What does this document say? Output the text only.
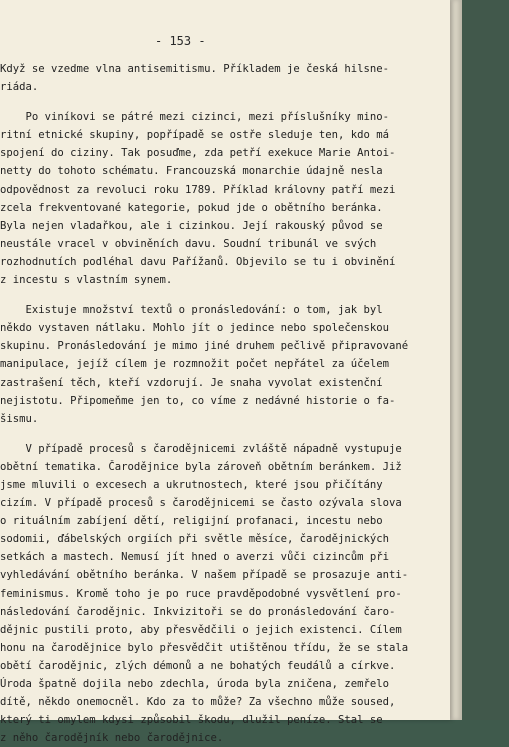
- 153 -
Když se vzedme vlna antisemitismu. Příkladem je česká hilsne-
riáda.
Po viníkovi se pátré mezi cizinci, mezi příslušníky mino-
ritní etnické skupiny, popřípadě se ostře sleduje ten, kdo má
spojení do ciziny. Tak posuďme, zda petří exekuce Marie Antoi-
netty do tohoto schématu. Francouzská monarchie údajně nesla
odpovědnost za revoluci roku 1789. Příklad královny patří mezi
zcela frekventované kategorie, pokud jde o obětního beránka.
Byla nejen vladařkou, ale i cizinkou. Její rakouský původ se
neustále vracel v obviněních davu. Soudní tribunál ve svých
rozhodnutích podléhal davu Pařížanů. Objevilo se tu i obvinění
z incestu s vlastním synem.
Existuje množství textů o pronásledování: o tom, jak byl
někdo vystaven nátlaku. Mohlo jít o jedince nebo společenskou
skupinu. Pronásledování je mimo jiné druhem pečlivě připravované
manipulace, jejíž cílem je rozmnožit počet nepřátel za účelem
zastrašení těch, kteří vzdorují. Je snaha vyvolat existenční
nejistotu. Připomeňme jen to, co víme z nedávné historie o fa-
šismu.
V případě procesů s čarodějnicemi zvláště nápadně vystupuje
obětní tematika. Čarodějnice byla zároveň obětním beránkem. Již
jsme mluvili o excesech a ukrutnostech, které jsou přičítány
cizím. V případě procesů s čarodějnicemi se často ozývala slova
o rituálním zabíjení dětí, religijní profanaci, incestu nebo
sodomii, ďábelských orgiích při světle měsíce, čarodějnických
setkách a mastech. Nemusí jít hned o averzi vůči cizincům při
vyhledávání obětního beránka. V našem případě se prosazuje anti-
feminismus. Kromě toho je po ruce pravděpodobné vysvětlení pro-
následování čarodějnic. Inkvizitoři se do pronásledování čaro-
dějnic pustili proto, aby přesvědčili o jejich existenci. Cílem
honu na čarodějnice bylo přesvědčit utištěnou třídu, že se stala
obětí čarodějnic, zlých démonů a ne bohatých feudálů a církve.
Úroda špatně dojila nebo zdechla, úroda byla zničena, zemřelo
dítě, někdo onemocněl. Kdo za to může? Za všechno může soused,
který ti omylem kdysi způsobil škodu, dlužil peníze. Stal se
z něho čarodějník nebo čarodějnice.
